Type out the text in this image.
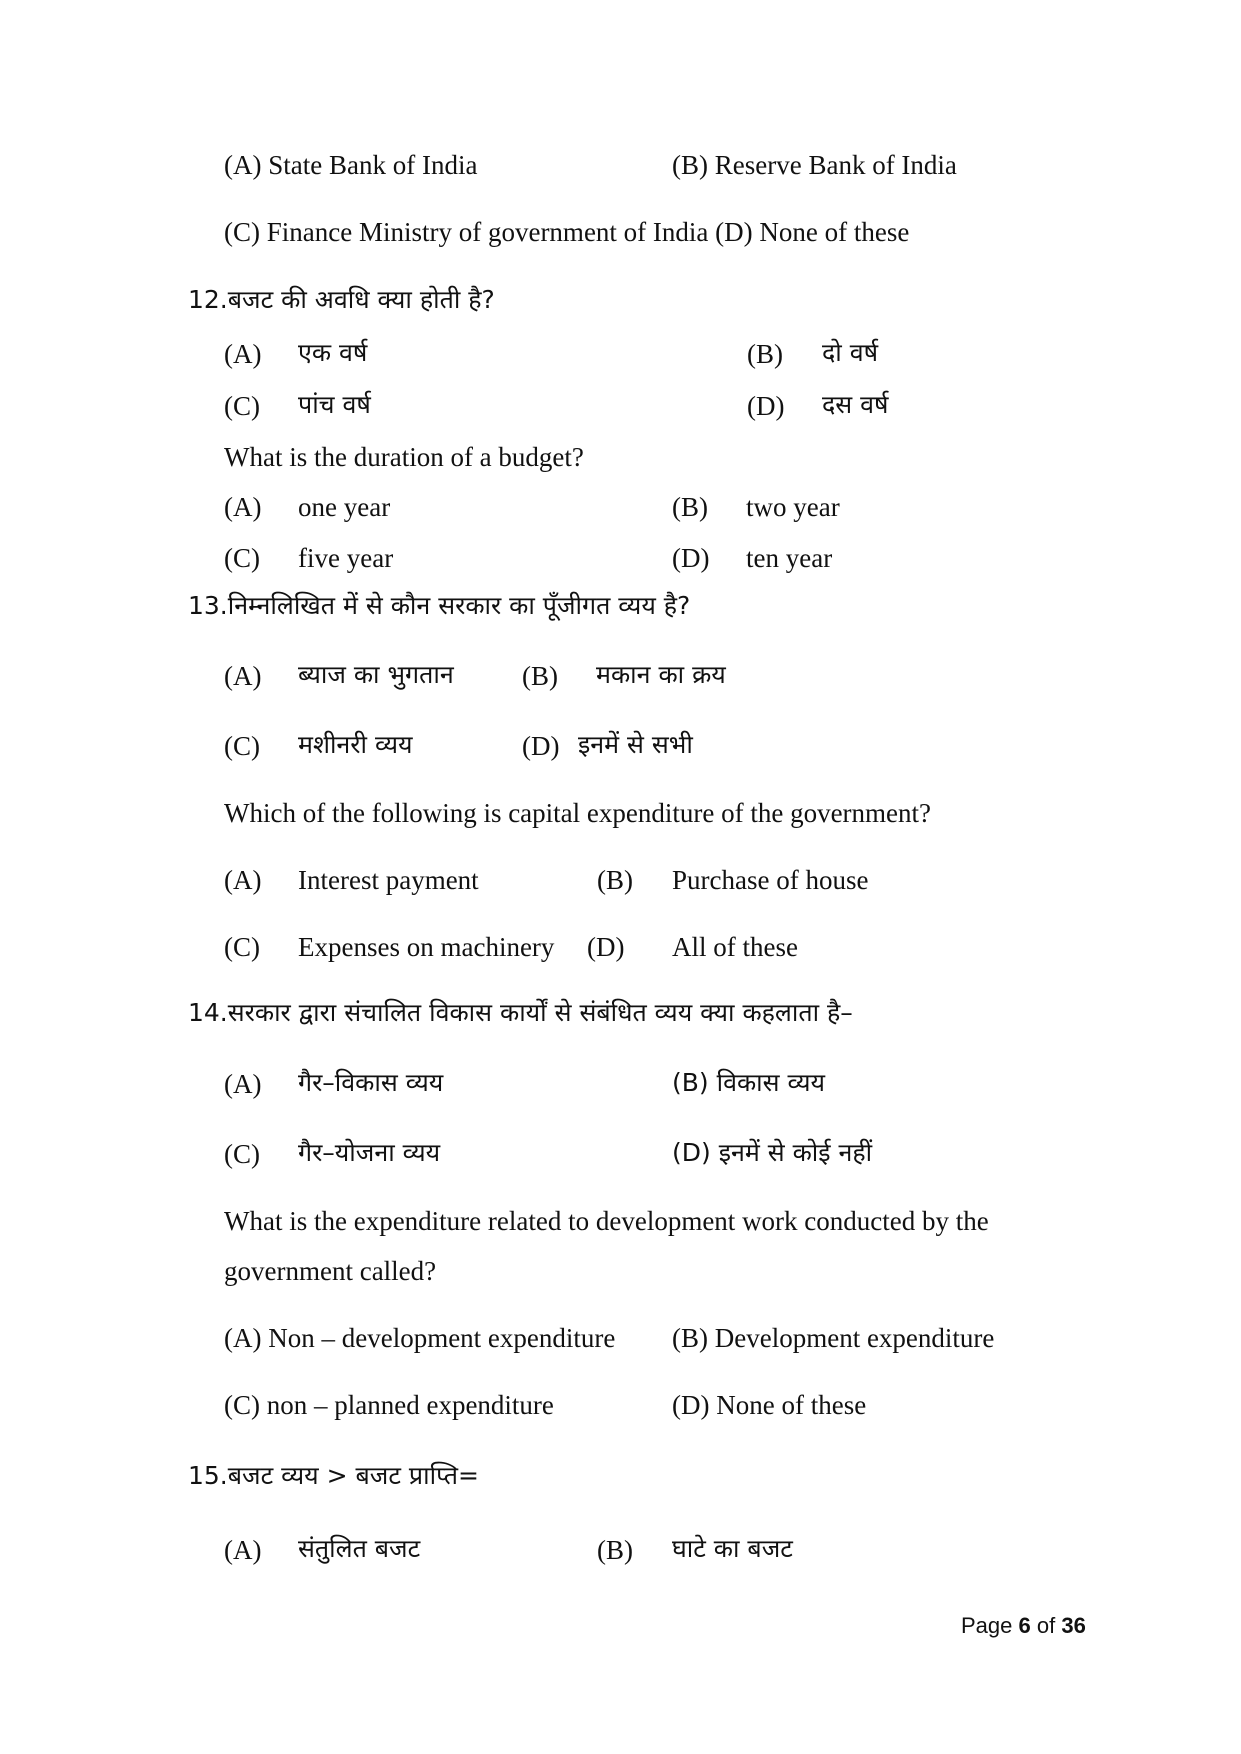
(A) State Bank of India	(B) Reserve Bank of India
(C) Finance Ministry of government of India (D) None of these
12.बजट की अवधि क्या होती है?
(A) एक वर्ष	(B) दो वर्ष
(C) पांच वर्ष	(D) दस वर्ष
What is the duration of a budget?
(A) one year	(B) two year
(C) five year	(D) ten year
13.निम्नलिखित में से कौन सरकार का पूँजीगत व्यय है?
(A) ब्याज का भुगतान	(B) मकान का क्रय
(C) मशीनरी व्यय	(D) इनमें से सभी
Which of the following is capital expenditure of the government?
(A) Interest payment	(B) Purchase of house
(C) Expenses on machinery (D) All of these
14.सरकार द्वारा संचालित विकास कार्यों से संबंधित व्यय क्या कहलाता है–
(A) गैर–विकास व्यय	(B) विकास व्यय
(C) गैर–योजना व्यय	(D) इनमें से कोई नहीं
What is the expenditure related to development work conducted by the
government called?
(A) Non – development expenditure (B) Development expenditure
(C) non – planned expenditure	(D) None of these
15.बजट व्यय > बजट प्राप्ति=
(A) संतुलित बजट	(B) घाटे का बजट
Page 6 of 36
